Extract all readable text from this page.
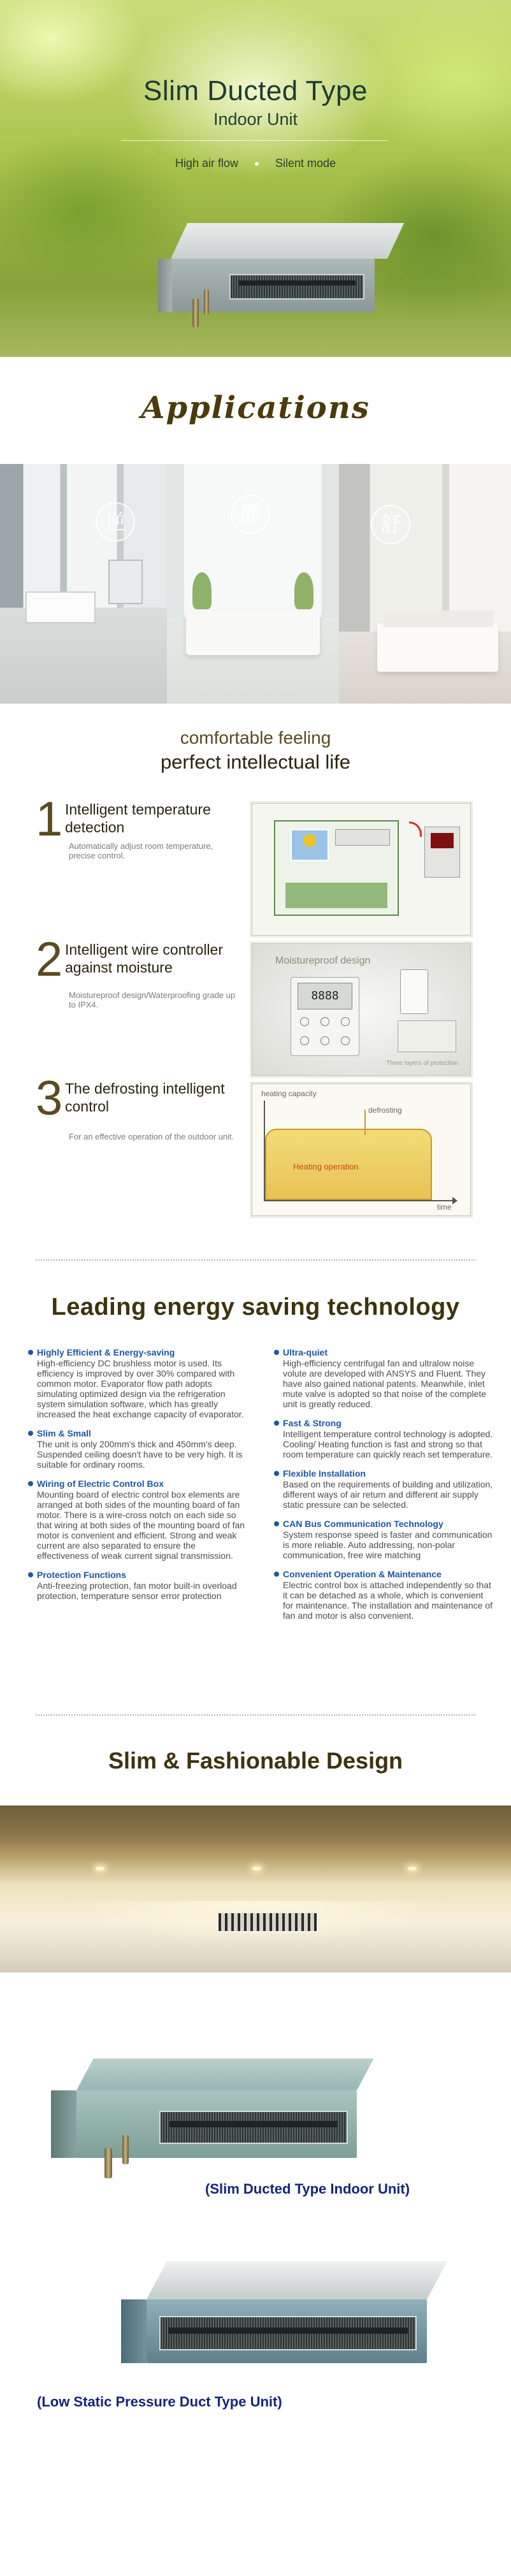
Slim Ducted Type
Indoor Unit
High air flow	Silent mode
Applications
逆	静	舒
comfortable feeling
perfect intellectual life
1 Intelligent temperature detection
Automatically adjust room temperature, precise control.
2 Intelligent wire controller against moisture
Moistureproof design/Waterproofing grade up to IPX4.
Moistureproof design
8888
Three layers of protection
3 The defrosting intelligent control
For an effective operation of the outdoor unit.
heating capacity
time
defrosting
Heating operation
Leading energy saving technology
Highly Efficient & Energy-saving
High-efficiency DC brushless motor is used. Its efficiency is improved by over 30% compared with common motor. Evaporator flow path adopts simulating optimized design via the refrigeration system simulation software, which has greatly increased the heat exchange capacity of evaporator.
Slim & Small
The unit is only 200mm's thick and 450mm's deep. Suspended ceiling doesn't have to be very high. It is suitable for ordinary rooms.
Wiring of Electric Control Box
Mounting board of electric control box elements are arranged at both sides of the mounting board of fan motor. There is a wire-cross notch on each side so that wiring at both sides of the mounting board of fan motor is convenient and efficient. Strong and weak current are also separated to ensure the effectiveness of weak current signal transmission.
Protection Functions
Anti-freezing protection, fan motor built-in overload protection, temperature sensor error protection
Ultra-quiet
High-efficiency centrifugal fan and ultralow noise volute are developed with ANSYS and Fluent. They have also gained national patents. Meanwhile, inlet mute valve is adopted so that noise of the complete unit is greatly reduced.
Fast & Strong
Intelligent temperature control technology is adopted. Cooling/ Heating function is fast and strong so that room temperature can quickly reach set temperature.
Flexible Installation
Based on the requirements of building and utilization, different ways of air return and different air supply static pressure can be selected.
CAN Bus Communication Technology
System response speed is faster and communication is more reliable. Auto addressing, non-polar communication, free wire matching
Convenient Operation & Maintenance
Electric control box is attached independently so that it can be detached as a whole, which is convenient for maintenance. The installation and maintenance of fan and motor is also convenient.
Slim & Fashionable Design
(Slim Ducted Type Indoor Unit)
(Low Static Pressure Duct Type Unit)
